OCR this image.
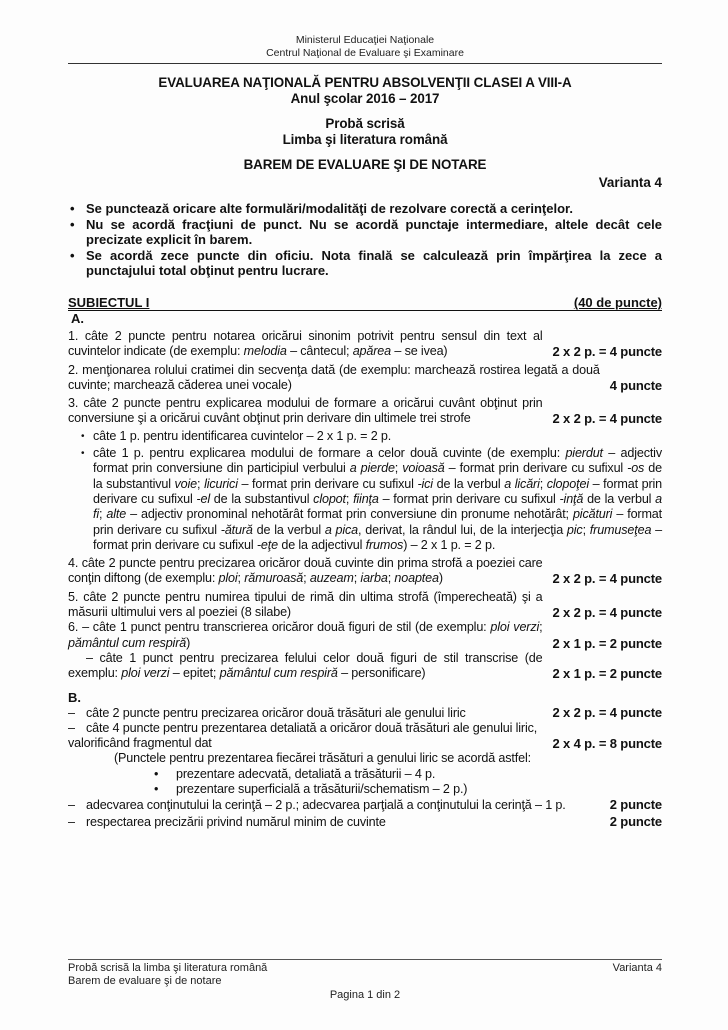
Ministerul Educaţiei Naţionale
Centrul Naţional de Evaluare şi Examinare
EVALUAREA NAŢIONALĂ PENTRU ABSOLVENŢII CLASEI A VIII-A
Anul şcolar 2016 – 2017
Probă scrisă
Limba şi literatura română
BAREM DE EVALUARE ŞI DE NOTARE
Varianta 4
• Se punctează oricare alte formulări/modalităţi de rezolvare corectă a cerinţelor.
• Nu se acordă fracţiuni de punct. Nu se acordă punctaje intermediare, altele decât cele precizate explicit în barem.
• Se acordă zece puncte din oficiu. Nota finală se calculează prin împărţirea la zece a punctajului total obţinut pentru lucrare.
SUBIECTUL I	(40 de puncte)
A.
1. câte 2 puncte pentru notarea oricărui sinonim potrivit pentru sensul din text al cuvintelor indicate (de exemplu: melodia – cântecul; apărea – se ivea)	2 x 2 p. = 4 puncte
2. menţionarea rolului cratimei din secvenţa dată (de exemplu: marchează rostirea legată a două cuvinte; marchează căderea unei vocale)	4 puncte
3. câte 2 puncte pentru explicarea modului de formare a oricărui cuvânt obţinut prin conversiune şi a oricărui cuvânt obţinut prin derivare din ultimele trei strofe	2 x 2 p. = 4 puncte
• câte 1 p. pentru identificarea cuvintelor – 2 x 1 p. = 2 p.
• câte 1 p. pentru explicarea modului de formare a celor două cuvinte (de exemplu: pierdut – adjectiv format prin conversiune din participiul verbului a pierde; voioasă – format prin derivare cu sufixul -os de la substantivul voie; licurici – format prin derivare cu sufixul -ici de la verbul a licări; clopoţei – format prin derivare cu sufixul -el de la substantivul clopot; fiinţa – format prin derivare cu sufixul -inţă de la verbul a fi; alte – adjectiv pronominal nehotărât format prin conversiune din pronume nehotărât; picături – format prin derivare cu sufixul -ătură de la verbul a pica, derivat, la rândul lui, de la interjecţia pic; frumuseţea – format prin derivare cu sufixul -eţe de la adjectivul frumos) – 2 x 1 p. = 2 p.
4. câte 2 puncte pentru precizarea oricăror două cuvinte din prima strofă a poeziei care conţin diftong (de exemplu: ploi; rămuroasă; auzeam; iarba; noaptea)	2 x 2 p. = 4 puncte
5. câte 2 puncte pentru numirea tipului de rimă din ultima strofă (împerecheată) şi a măsurii ultimului vers al poeziei (8 silabe)	2 x 2 p. = 4 puncte
6. – câte 1 punct pentru transcrierea oricăror două figuri de stil (de exemplu: ploi verzi; pământul cum respiră)	2 x 1 p. = 2 puncte
– câte 1 punct pentru precizarea felului celor două figuri de stil transcrise (de exemplu: ploi verzi – epitet; pământul cum respiră – personificare)	2 x 1 p. = 2 puncte
B.
– câte 2 puncte pentru precizarea oricăror două trăsături ale genului liric	2 x 2 p. = 4 puncte
– câte 4 puncte pentru prezentarea detaliată a oricăror două trăsături ale genului liric, valorificând fragmentul dat	2 x 4 p. = 8 puncte
(Punctele pentru prezentarea fiecărei trăsături a genului liric se acordă astfel:
• prezentare adecvată, detaliată a trăsăturii – 4 p.
• prezentare superficială a trăsăturii/schematism – 2 p.)
– adecvarea conţinutului la cerinţă – 2 p.; adecvarea parţială a conţinutului la cerinţă – 1 p.	2 puncte
– respectarea precizării privind numărul minim de cuvinte	2 puncte
Probă scrisă la limba şi literatura română	Varianta 4
Barem de evaluare şi de notare
Pagina 1 din 2
